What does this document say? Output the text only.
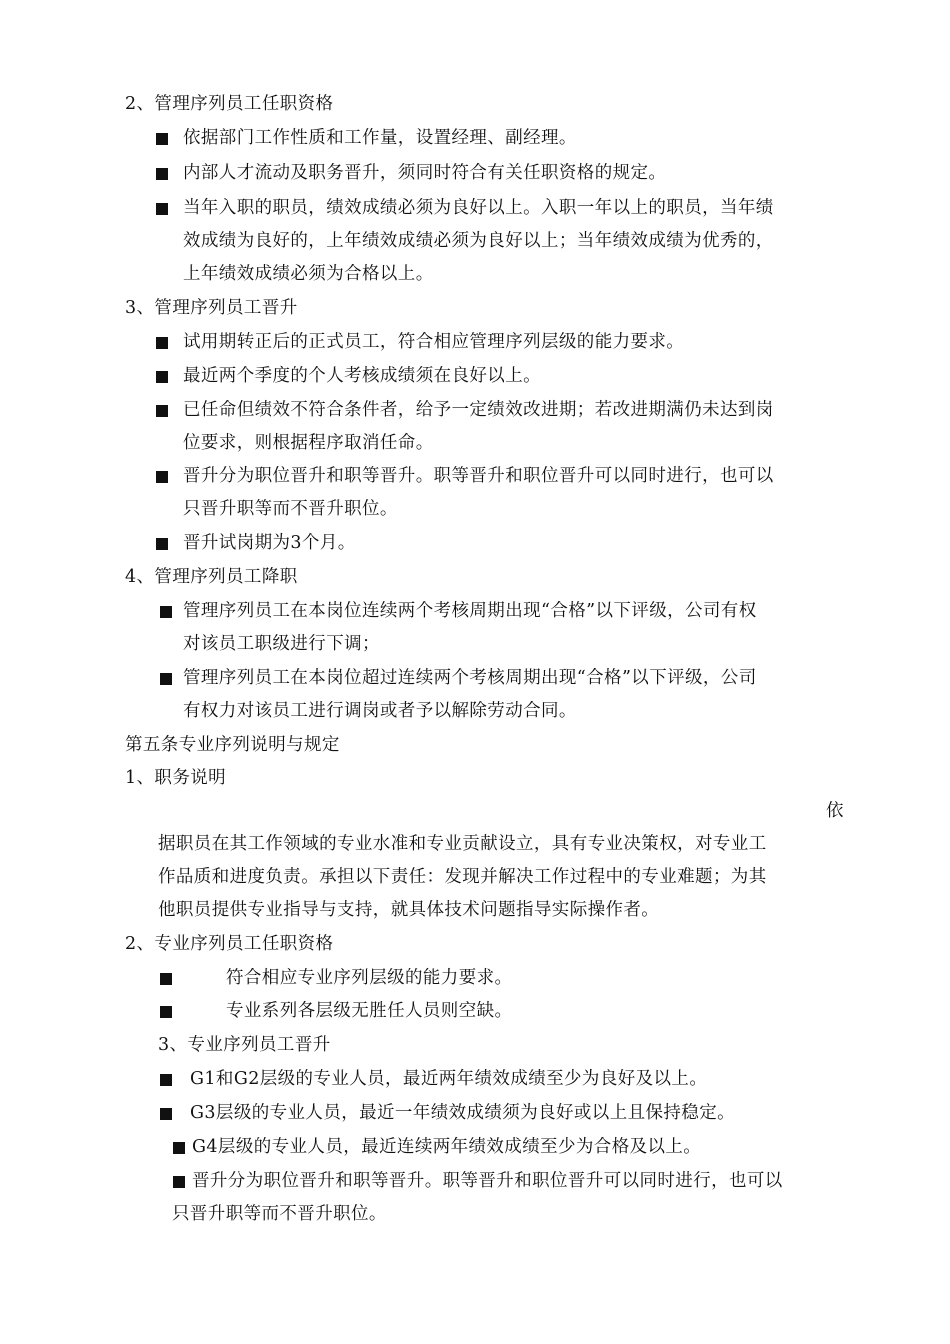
2、管理序列员工任职资格
依据部门工作性质和工作量，设置经理、副经理。
内部人才流动及职务晋升，须同时符合有关任职资格的规定。
当年入职的职员，绩效成绩必须为良好以上。入职一年以上的职员，当年绩
效成绩为良好的，上年绩效成绩必须为良好以上；当年绩效成绩为优秀的，
上年绩效成绩必须为合格以上。
3、管理序列员工晋升
试用期转正后的正式员工，符合相应管理序列层级的能力要求。
最近两个季度的个人考核成绩须在良好以上。
已任命但绩效不符合条件者，给予一定绩效改进期；若改进期满仍未达到岗
位要求，则根据程序取消任命。
晋升分为职位晋升和职等晋升。职等晋升和职位晋升可以同时进行，也可以
只晋升职等而不晋升职位。
晋升试岗期为3个月。
4、管理序列员工降职
管理序列员工在本岗位连续两个考核周期出现“合格”以下评级，公司有权
对该员工职级进行下调；
管理序列员工在本岗位超过连续两个考核周期出现“合格”以下评级，公司
有权力对该员工进行调岗或者予以解除劳动合同。
第五条专业序列说明与规定
1、职务说明
依
据职员在其工作领域的专业水准和专业贡献设立，具有专业决策权，对专业工
作品质和进度负责。承担以下责任：发现并解决工作过程中的专业难题；为其
他职员提供专业指导与支持，就具体技术问题指导实际操作者。
2、专业序列员工任职资格
符合相应专业序列层级的能力要求。
专业系列各层级无胜任人员则空缺。
3、专业序列员工晋升
G1和G2层级的专业人员，最近两年绩效成绩至少为良好及以上。
G3层级的专业人员，最近一年绩效成绩须为良好或以上且保持稳定。
G4层级的专业人员，最近连续两年绩效成绩至少为合格及以上。
晋升分为职位晋升和职等晋升。职等晋升和职位晋升可以同时进行，也可以
只晋升职等而不晋升职位。
